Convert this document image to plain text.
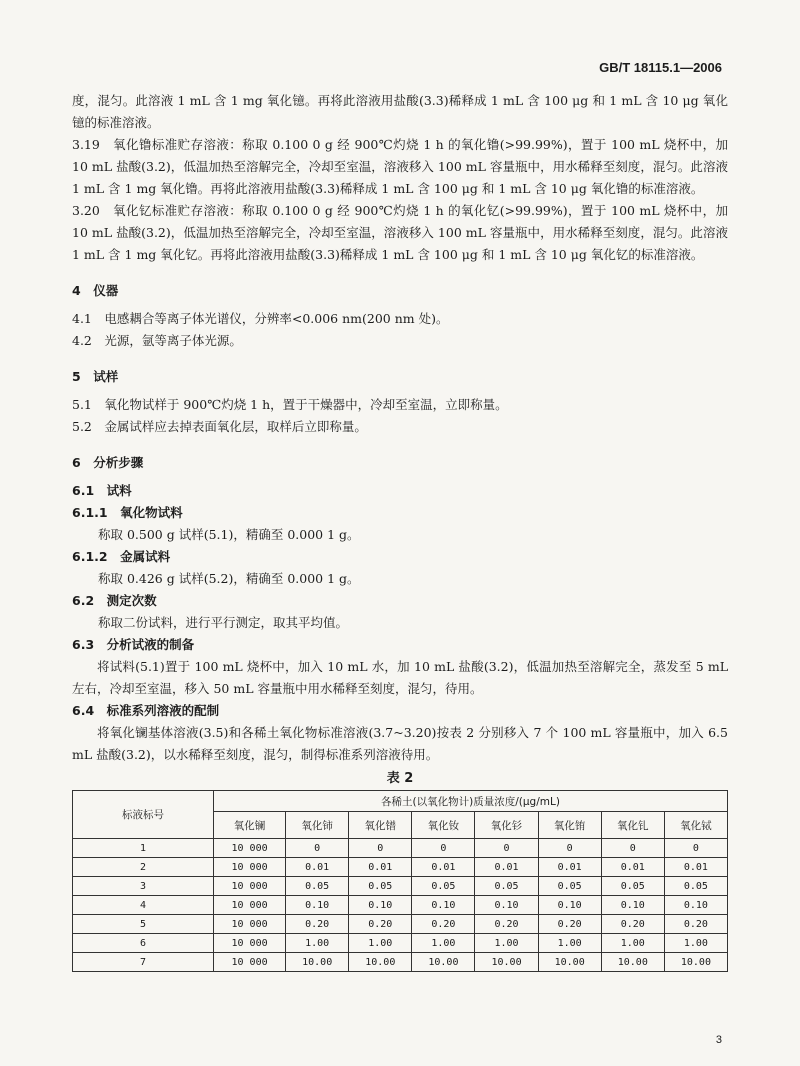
GB/T 18115.1—2006

度，混匀。此溶液 1 mL 含 1 mg 氧化镱。再将此溶液用盐酸(3.3)稀释成 1 mL 含 100 μg 和 1 mL 含 10 μg 氧化镱的标准溶液。

3.19　氧化镥标准贮存溶液：称取 0.100 0 g 经 900℃灼烧 1 h 的氧化镥(>99.99%)，置于 100 mL 烧杯中，加 10 mL 盐酸(3.2)，低温加热至溶解完全，冷却至室温，溶液移入 100 mL 容量瓶中，用水稀释至刻度，混匀。此溶液 1 mL 含 1 mg 氧化镥。再将此溶液用盐酸(3.3)稀释成 1 mL 含 100 μg 和 1 mL 含 10 μg 氧化镥的标准溶液。

3.20　氧化钇标准贮存溶液：称取 0.100 0 g 经 900℃灼烧 1 h 的氧化钇(>99.99%)，置于 100 mL 烧杯中，加 10 mL 盐酸(3.2)，低温加热至溶解完全，冷却至室温，溶液移入 100 mL 容量瓶中，用水稀释至刻度，混匀。此溶液 1 mL 含 1 mg 氧化钇。再将此溶液用盐酸(3.3)稀释成 1 mL 含 100 μg 和 1 mL 含 10 μg 氧化钇的标准溶液。

4　仪器

4.1　电感耦合等离子体光谱仪，分辨率<0.006 nm(200 nm 处)。

4.2　光源，氩等离子体光源。

5　试样

5.1　氧化物试样于 900℃灼烧 1 h，置于干燥器中，冷却至室温，立即称量。

5.2　金属试样应去掉表面氧化层，取样后立即称量。

6　分析步骤
6.1　试料
6.1.1　氧化物试料

称取 0.500 g 试样(5.1)，精确至 0.000 1 g。

6.1.2　金属试料

称取 0.426 g 试样(5.2)，精确至 0.000 1 g。

6.2　测定次数

称取二份试料，进行平行测定，取其平均值。

6.3　分析试液的制备

将试料(5.1)置于 100 mL 烧杯中，加入 10 mL 水，加 10 mL 盐酸(3.2)，低温加热至溶解完全，蒸发至 5 mL 左右，冷却至室温，移入 50 mL 容量瓶中用水稀释至刻度，混匀，待用。

6.4　标准系列溶液的配制

将氧化镧基体溶液(3.5)和各稀土氧化物标准溶液(3.7~3.20)按表 2 分别移入 7 个 100 mL 容量瓶中，加入 6.5 mL 盐酸(3.2)，以水稀释至刻度，混匀，制得标准系列溶液待用。

表 2
标液标号	各稀土(以氧化物计)质量浓度/(μg/mL)							
	氧化镧	氧化铈	氧化镨	氧化钕	氧化钐	氧化铕	氧化钆	氧化铽
1	10 000	0	0	0	0	0	0	0
2	10 000	0.01	0.01	0.01	0.01	0.01	0.01	0.01
3	10 000	0.05	0.05	0.05	0.05	0.05	0.05	0.05
4	10 000	0.10	0.10	0.10	0.10	0.10	0.10	0.10
5	10 000	0.20	0.20	0.20	0.20	0.20	0.20	0.20
6	10 000	1.00	1.00	1.00	1.00	1.00	1.00	1.00
7	10 000	10.00	10.00	10.00	10.00	10.00	10.00	10.00
3
